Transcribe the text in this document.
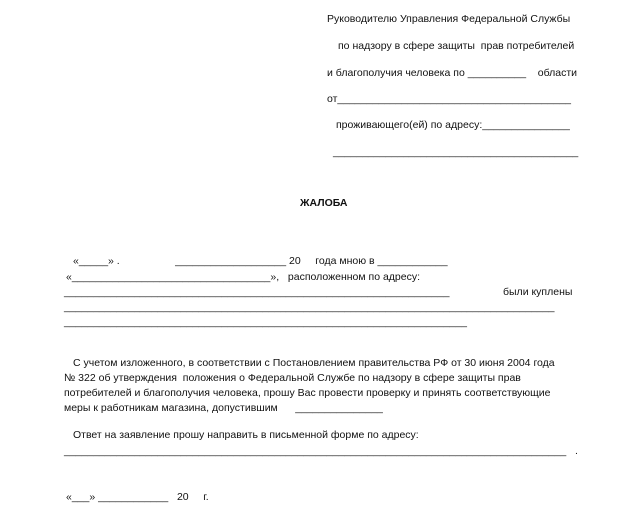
Руководителю Управления Федеральной Службы
по надзору в сфере защиты  прав потребителей
и благополучия человека по __________    области
от________________________________________
проживающего(ей) по адресу:_______________
__________________________________________
ЖАЛОБА
«_____» .                   ___________________ 20     года мною в ____________
«__________________________________»,   расположенном по адресу:
__________________________________________________________________	были куплены
____________________________________________________________________________________
_____________________________________________________________________
С учетом изложенного, в соответствии с Постановлением правительства РФ от 30 июня 2004 года
№ 322 об утверждения  положения о Федеральной Службе по надзору в сфере защиты прав
потребителей и благополучия человека, прошу Вас провести проверку и принять соответствующие
меры к работникам магазина, допустившим      _______________
Ответ на заявление прошу направить в письменной форме по адресу:
______________________________________________________________________________________   .
«___» ____________   20     г.
